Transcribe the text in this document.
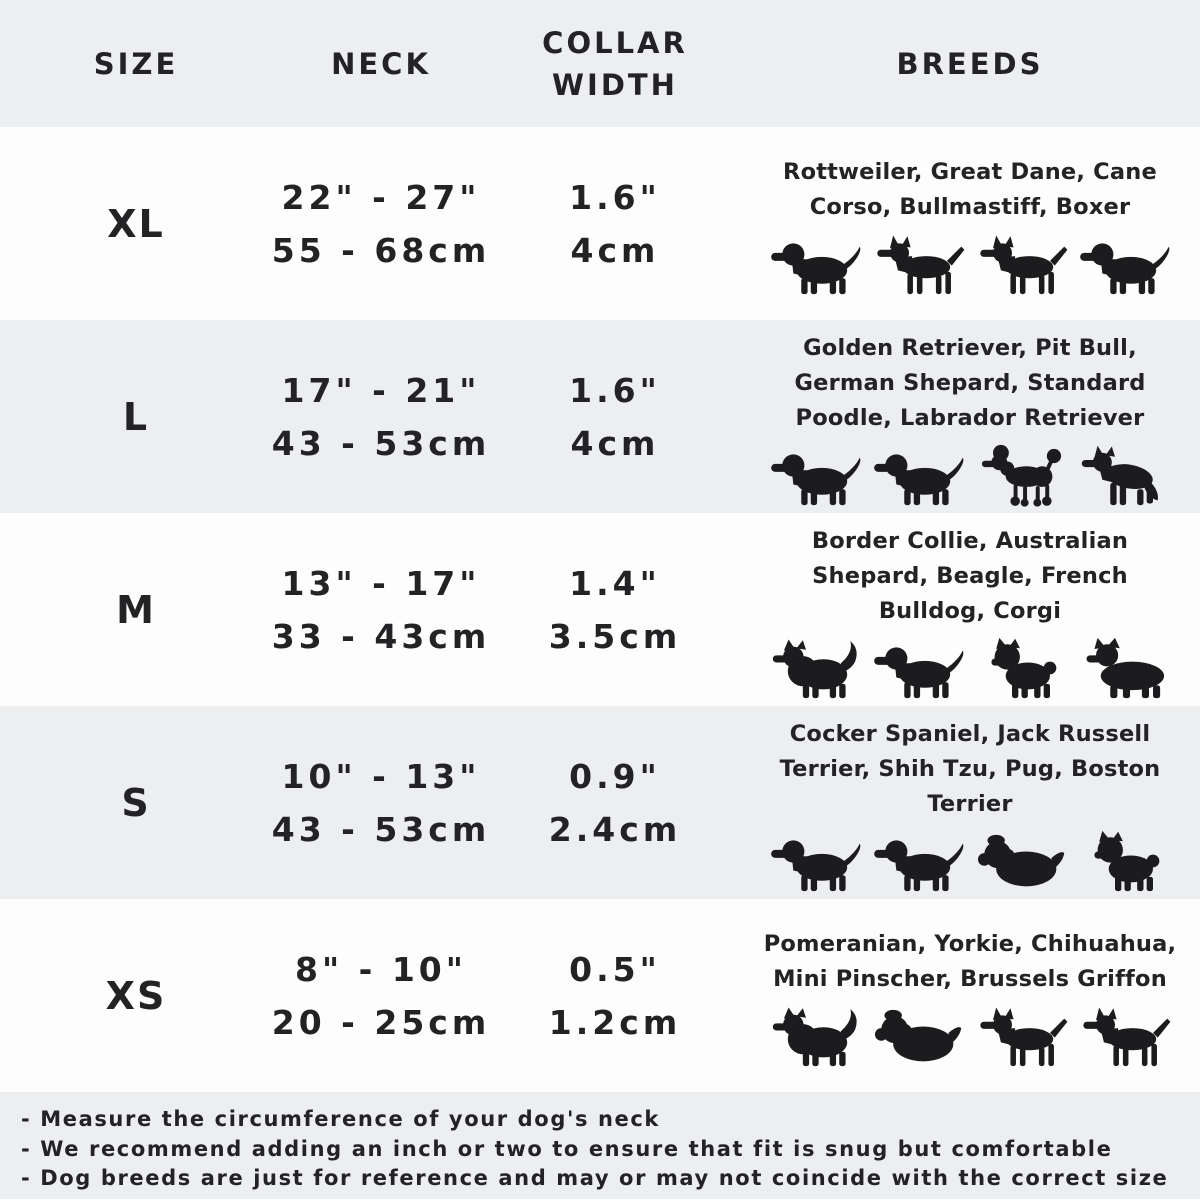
SIZE	NECK
COLLAR WIDTH
BREEDS
XL
22" - 27"
55 - 68cm
1.6"
4cm
Rottweiler, Great Dane, Cane Corso, Bullmastiff, Boxer
L
17" - 21"
43 - 53cm
1.6"
4cm
Golden Retriever, Pit Bull, German Shepard, Standard Poodle, Labrador Retriever
M
13" - 17"
33 - 43cm
1.4"
3.5cm
Border Collie, Australian Shepard, Beagle, French Bulldog, Corgi
S
10" - 13"
43 - 53cm
0.9"
2.4cm
Cocker Spaniel, Jack Russell Terrier, Shih Tzu, Pug, Boston Terrier
XS
8" - 10"
20 - 25cm
0.5"
1.2cm
Pomeranian, Yorkie, Chihuahua, Mini Pinscher, Brussels Griffon
- Measure the circumference of your dog's neck
- We recommend adding an inch or two to ensure that fit is snug but comfortable
- Dog breeds are just for reference and may or may not coincide with the correct size
